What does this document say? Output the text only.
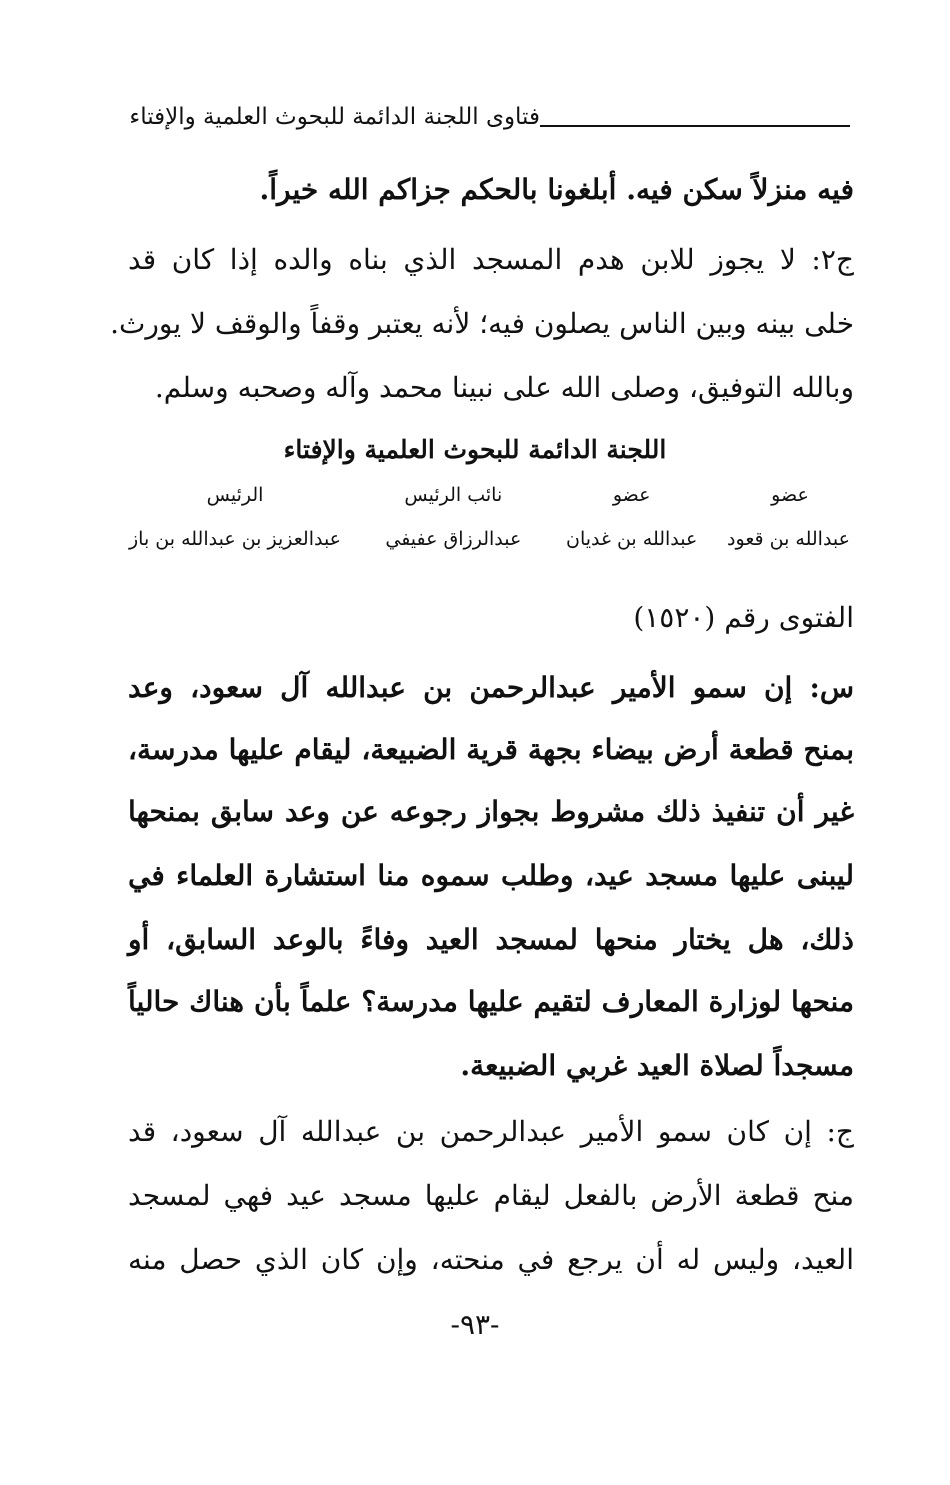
فتاوى اللجنة الدائمة للبحوث العلمية والإفتاء
فيه منزلاً سكن فيه. أبلغونا بالحكم جزاكم الله خيراً.
ج٢: لا يجوز للابن هدم المسجد الذي بناه والده إذا كان قد
خلى بينه وبين الناس يصلون فيه؛ لأنه يعتبر وقفاً والوقف لا يورث.
وبالله التوفيق، وصلى الله على نبينا محمد وآله وصحبه وسلم.
اللجنة الدائمة للبحوث العلمية والإفتاء
عضو
عضو
نائب الرئيس
الرئيس
عبدالله بن قعود
عبدالله بن غديان
عبدالرزاق عفيفي
عبدالعزيز بن عبدالله بن باز
الفتوى رقم (١٥٢٠)
س: إن سمو الأمير عبدالرحمن بن عبدالله آل سعود، وعد
بمنح قطعة أرض بيضاء بجهة قرية الضبيعة، ليقام عليها مدرسة،
غير أن تنفيذ ذلك مشروط بجواز رجوعه عن وعد سابق بمنحها
ليبنى عليها مسجد عيد، وطلب سموه منا استشارة العلماء في
ذلك، هل يختار منحها لمسجد العيد وفاءً بالوعد السابق، أو
منحها لوزارة المعارف لتقيم عليها مدرسة؟ علماً بأن هناك حالياً
مسجداً لصلاة العيد غربي الضبيعة.
ج: إن كان سمو الأمير عبدالرحمن بن عبدالله آل سعود، قد
منح قطعة الأرض بالفعل ليقام عليها مسجد عيد فهي لمسجد
العيد، وليس له أن يرجع في منحته، وإن كان الذي حصل منه
-٩٣-
